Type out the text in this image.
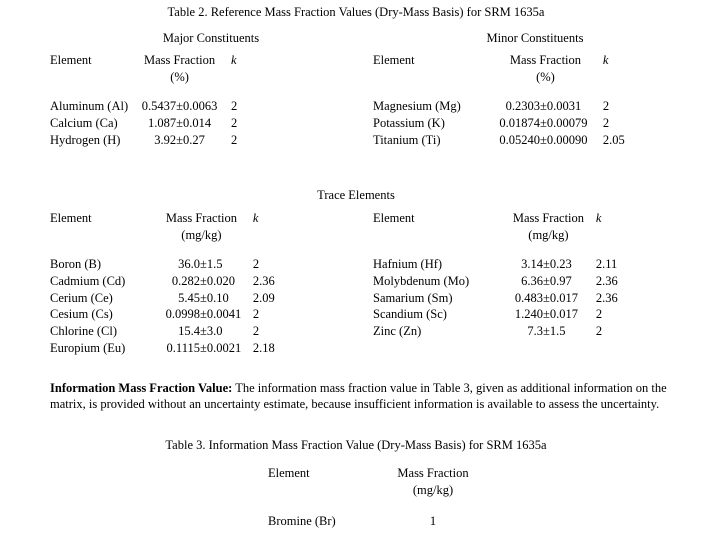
Table 2. Reference Mass Fraction Values (Dry-Mass Basis) for SRM 1635a
Major Constituents	Minor Constituents
Element	Mass Fraction			k
	(%)			

Aluminum (Al)	0.5437	±	0.0063	2
Calcium (Ca)	1.087	±	0.014	2
Hydrogen (H)	3.92	±	0.27	2
Element	Mass Fraction			k
	(%)			

Magnesium (Mg)	0.2303	±	0.0031	2
Potassium (K)	0.01874	±	0.00079	2
Titanium (Ti)	0.05240	±	0.00090	2.05
Trace Elements
Element	Mass Fraction			k
	(mg/kg)			

Boron (B)	36.0	±	1.5	2
Cadmium (Cd)	0.282	±	0.020	2.36
Cerium (Ce)	5.45	±	0.10	2.09
Cesium (Cs)	0.0998	±	0.0041	2
Chlorine (Cl)	15.4	±	3.0	2
Europium (Eu)	0.1115	±	0.0021	2.18
Element	Mass Fraction			k
	(mg/kg)			

Hafnium (Hf)	3.14	±	0.23	2.11
Molybdenum (Mo)	6.36	±	0.97	2.36
Samarium (Sm)	0.483	±	0.017	2.36
Scandium (Sc)	1.240	±	0.017	2
Zinc (Zn)	7.3	±	1.5	2
Information Mass Fraction Value: The information mass fraction value in Table 3, given as additional information on the matrix, is provided without an uncertainty estimate, because insufficient information is available to assess the uncertainty.
Table 3. Information Mass Fraction Value (Dry-Mass Basis) for SRM 1635a
Element	Mass Fraction
	(mg/kg)

Bromine (Br)	1
